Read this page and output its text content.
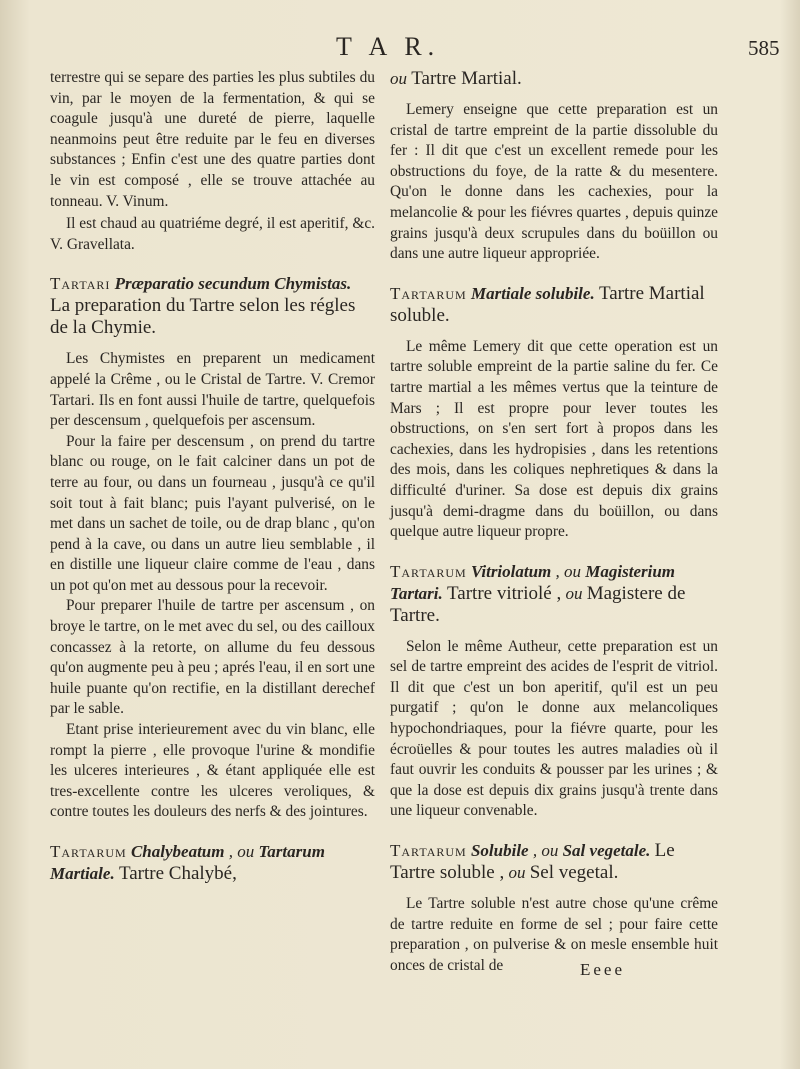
T A R.	585

terrestre qui se separe des parties les plus subtiles du vin, par le moyen de la fermentation, & qui se coagule jusqu'à une dureté de pierre, laquelle neanmoins peut être reduite par le feu en diverses substances ; Enfin c'est une des quatre parties dont le vin est composé , elle se trouve attachée au tonneau. V. Vinum.

Il est chaud au quatriéme degré, il est aperitif, &c. V. Gravellata.

Tartari Præparatio secundum Chymistas. La preparation du Tartre selon les régles de la Chymie.

Les Chymistes en preparent un medicament appelé la Crême , ou le Cristal de Tartre. V. Cremor Tartari. Ils en font aussi l'huile de tartre, quelquefois per descensum , quelquefois per ascensum.

Pour la faire per descensum , on prend du tartre blanc ou rouge, on le fait calciner dans un pot de terre au four, ou dans un fourneau , jusqu'à ce qu'il soit tout à fait blanc; puis l'ayant pulverisé, on le met dans un sachet de toile, ou de drap blanc , qu'on pend à la cave, ou dans un autre lieu semblable , il en distille une liqueur claire comme de l'eau , dans un pot qu'on met au dessous pour la recevoir.

Pour preparer l'huile de tartre per ascensum , on broye le tartre, on le met avec du sel, ou des cailloux concassez à la retorte, on allume du feu dessous qu'on augmente peu à peu ; aprés l'eau, il en sort une huile puante qu'on rectifie, en la distillant derechef par le sable.

Etant prise interieurement avec du vin blanc, elle rompt la pierre , elle provoque l'urine & mondifie les ulceres interieures , & étant appliquée elle est tres-excellente contre les ulceres veroliques, & contre toutes les douleurs des nerfs & des jointures.

Tartarum Chalybeatum , ou Tartarum Martiale. Tartre Chalybé,
ou Tartre Martial.

Lemery enseigne que cette preparation est un cristal de tartre empreint de la partie dissoluble du fer : Il dit que c'est un excellent remede pour les obstructions du foye, de la ratte & du mesentere. Qu'on le donne dans les cachexies, pour la melancolie & pour les fiévres quartes , depuis quinze grains jusqu'à deux scrupules dans du boüillon ou dans une autre liqueur appropriée.

Tartarum Martiale solubile. Tartre Martial soluble.

Le même Lemery dit que cette operation est un tartre soluble empreint de la partie saline du fer. Ce tartre martial a les mêmes vertus que la teinture de Mars ; Il est propre pour lever toutes les obstructions, on s'en sert fort à propos dans les cachexies, dans les hydropisies , dans les retentions des mois, dans les coliques nephretiques & dans la difficulté d'uriner. Sa dose est depuis dix grains jusqu'à demi-dragme dans du boüillon, ou dans quelque autre liqueur propre.

Tartarum Vitriolatum , ou Magisterium Tartari. Tartre vitriolé , ou Magistere de Tartre.

Selon le même Autheur, cette preparation est un sel de tartre empreint des acides de l'esprit de vitriol. Il dit que c'est un bon aperitif, qu'il est un peu purgatif ; qu'on le donne aux melancoliques hypochondriaques, pour la fiévre quarte, pour les écroüelles & pour toutes les autres maladies où il faut ouvrir les conduits & pousser par les urines ; & que la dose est depuis dix grains jusqu'à trente dans une liqueur convenable.

Tartarum Solubile , ou Sal vegetale. Le Tartre soluble , ou Sel vegetal.

Le Tartre soluble n'est autre chose qu'une crême de tartre reduite en forme de sel ; pour faire cette preparation , on pulverise & on mesle ensemble huit onces de cristal de	Eeee
